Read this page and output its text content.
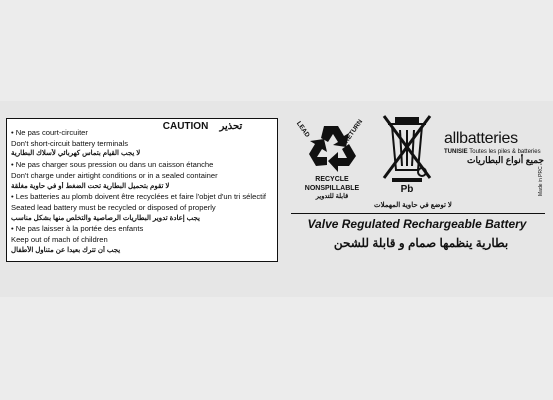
CAUTION تحذير
• Ne pas court-circuiter
Don't short-circuit battery terminals
لا يجب القيام بتماس كهربائي لأسلاك البطارية
• Ne pas charger sous pression ou dans un caisson étanche
Don't charge under airtight conditions or in a sealed container
لا تقوم بتحميل البطارية تحت الضغط أو في حاوية مغلقة
• Les batteries au plomb doivent être recyclées et faire l'objet d'un tri sélectif
Seated lead battery must be recycled or disposed of properly
يجب إعادة تدوير البطاريات الرصاصية والتخلص منها بشكل مناسب
• Ne pas laisser à la portée des enfants
Keep out of mach of children
يجب أن تترك بعيدا عن متناول الأطفال
LEAD	RETURN
RECYCLE
NONSPILLABLE
قابلة للتدوير
Pb
لا توضع في حاوية المهملات
allbatteries
TUNISIE Toutes les piles & batteries
جميع أنواع البطاريات
Made in PRC
Valve Regulated Rechargeable Battery
بطارية ينظمها صمام و قابلة للشحن
